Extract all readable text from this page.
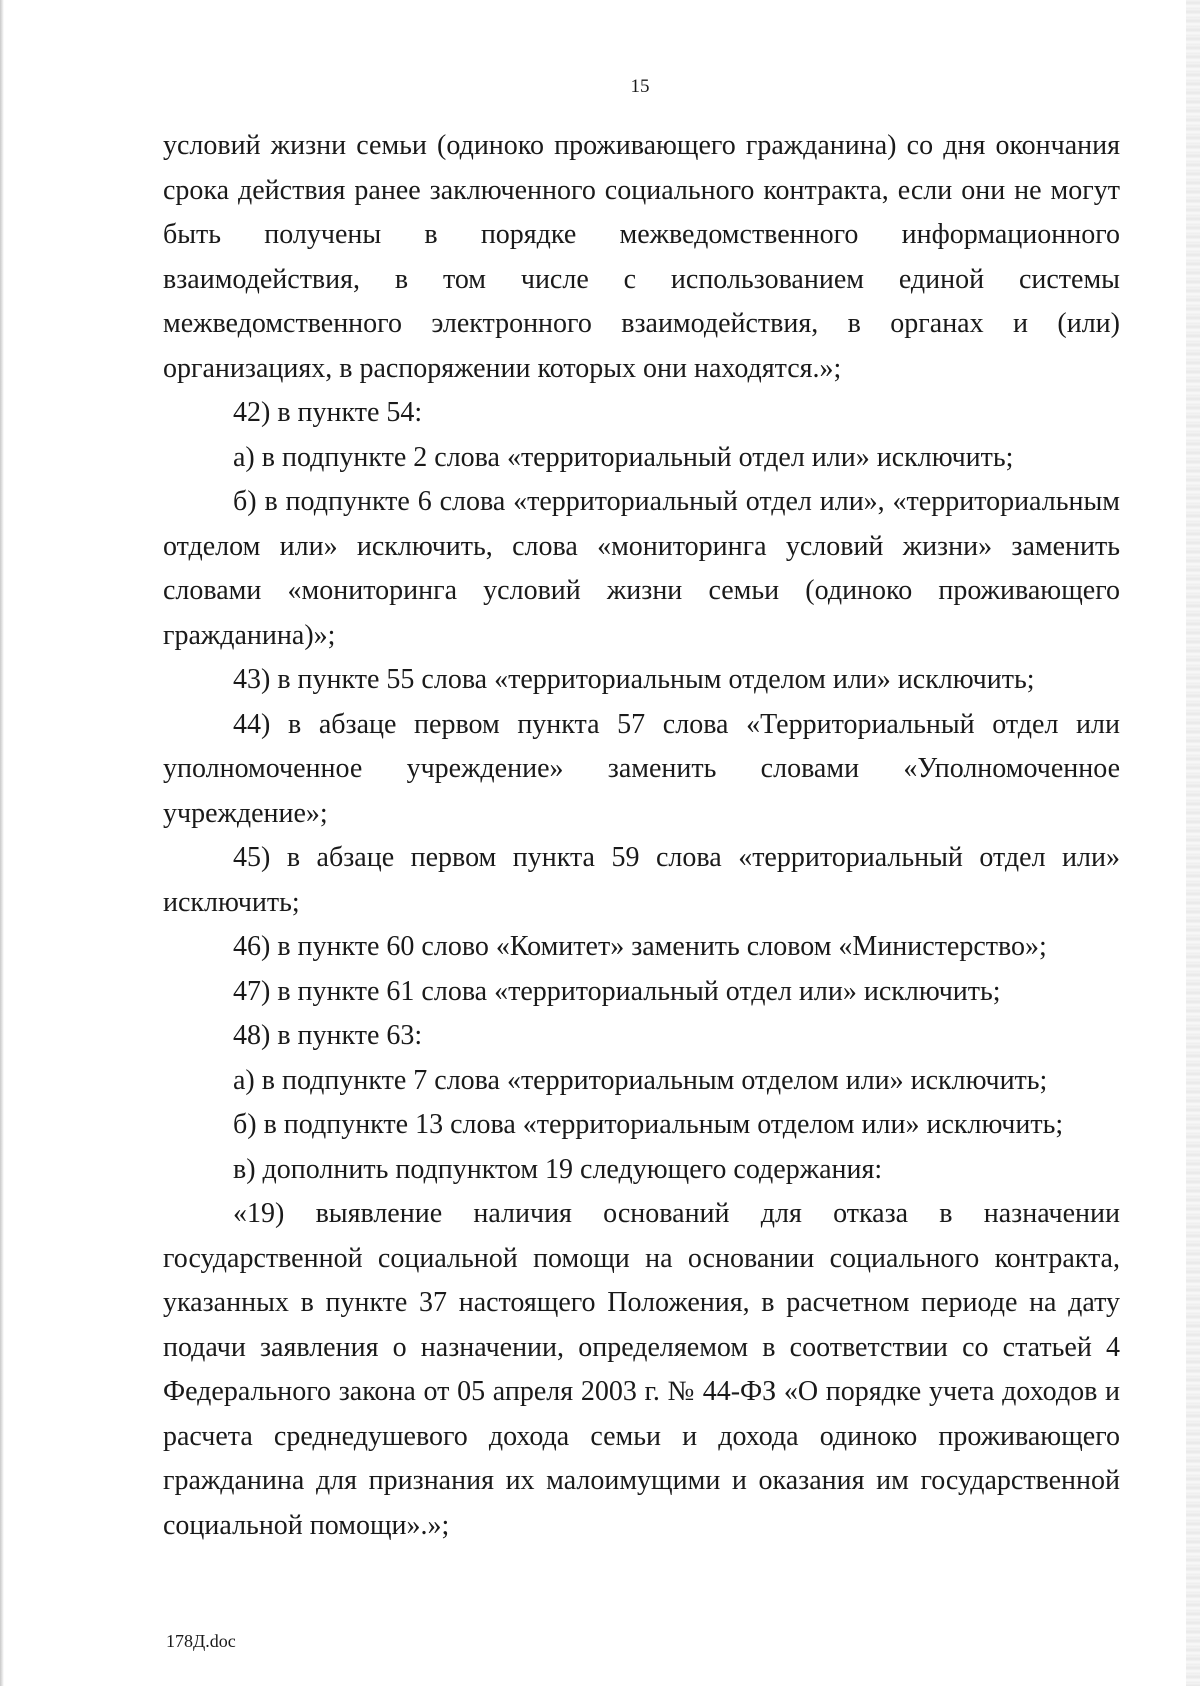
15

условий жизни семьи (одиноко проживающего гражданина) со дня окончания срока действия ранее заключенного социального контракта, если они не могут быть получены в порядке межведомственного информационного взаимодействия, в том числе с использованием единой системы межведомственного электронного взаимодействия, в органах и (или) организациях, в распоряжении которых они находятся.»;

42) в пункте 54:

а) в подпункте 2 слова «территориальный отдел или» исключить;

б) в подпункте 6 слова «территориальный отдел или», «территориальным отделом или» исключить, слова «мониторинга условий жизни» заменить словами «мониторинга условий жизни семьи (одиноко проживающего гражданина)»;

43) в пункте 55 слова «территориальным отделом или» исключить;

44) в абзаце первом пункта 57 слова «Территориальный отдел или уполномоченное учреждение» заменить словами «Уполномоченное учреждение»;

45) в абзаце первом пункта 59 слова «территориальный отдел или» исключить;

46) в пункте 60 слово «Комитет» заменить словом «Министерство»;

47) в пункте 61 слова «территориальный отдел или» исключить;

48) в пункте 63:

а) в подпункте 7 слова «территориальным отделом или» исключить;

б) в подпункте 13 слова «территориальным отделом или» исключить;

в) дополнить подпунктом 19 следующего содержания:

«19) выявление наличия оснований для отказа в назначении государственной социальной помощи на основании социального контракта, указанных в пункте 37 настоящего Положения, в расчетном периоде на дату подачи заявления о назначении, определяемом в соответствии со статьей 4 Федерального закона от 05 апреля 2003 г. № 44-ФЗ «О порядке учета доходов и расчета среднедушевого дохода семьи и дохода одиноко проживающего гражданина для признания их малоимущими и оказания им государственной социальной помощи».»;

178Д.doc
